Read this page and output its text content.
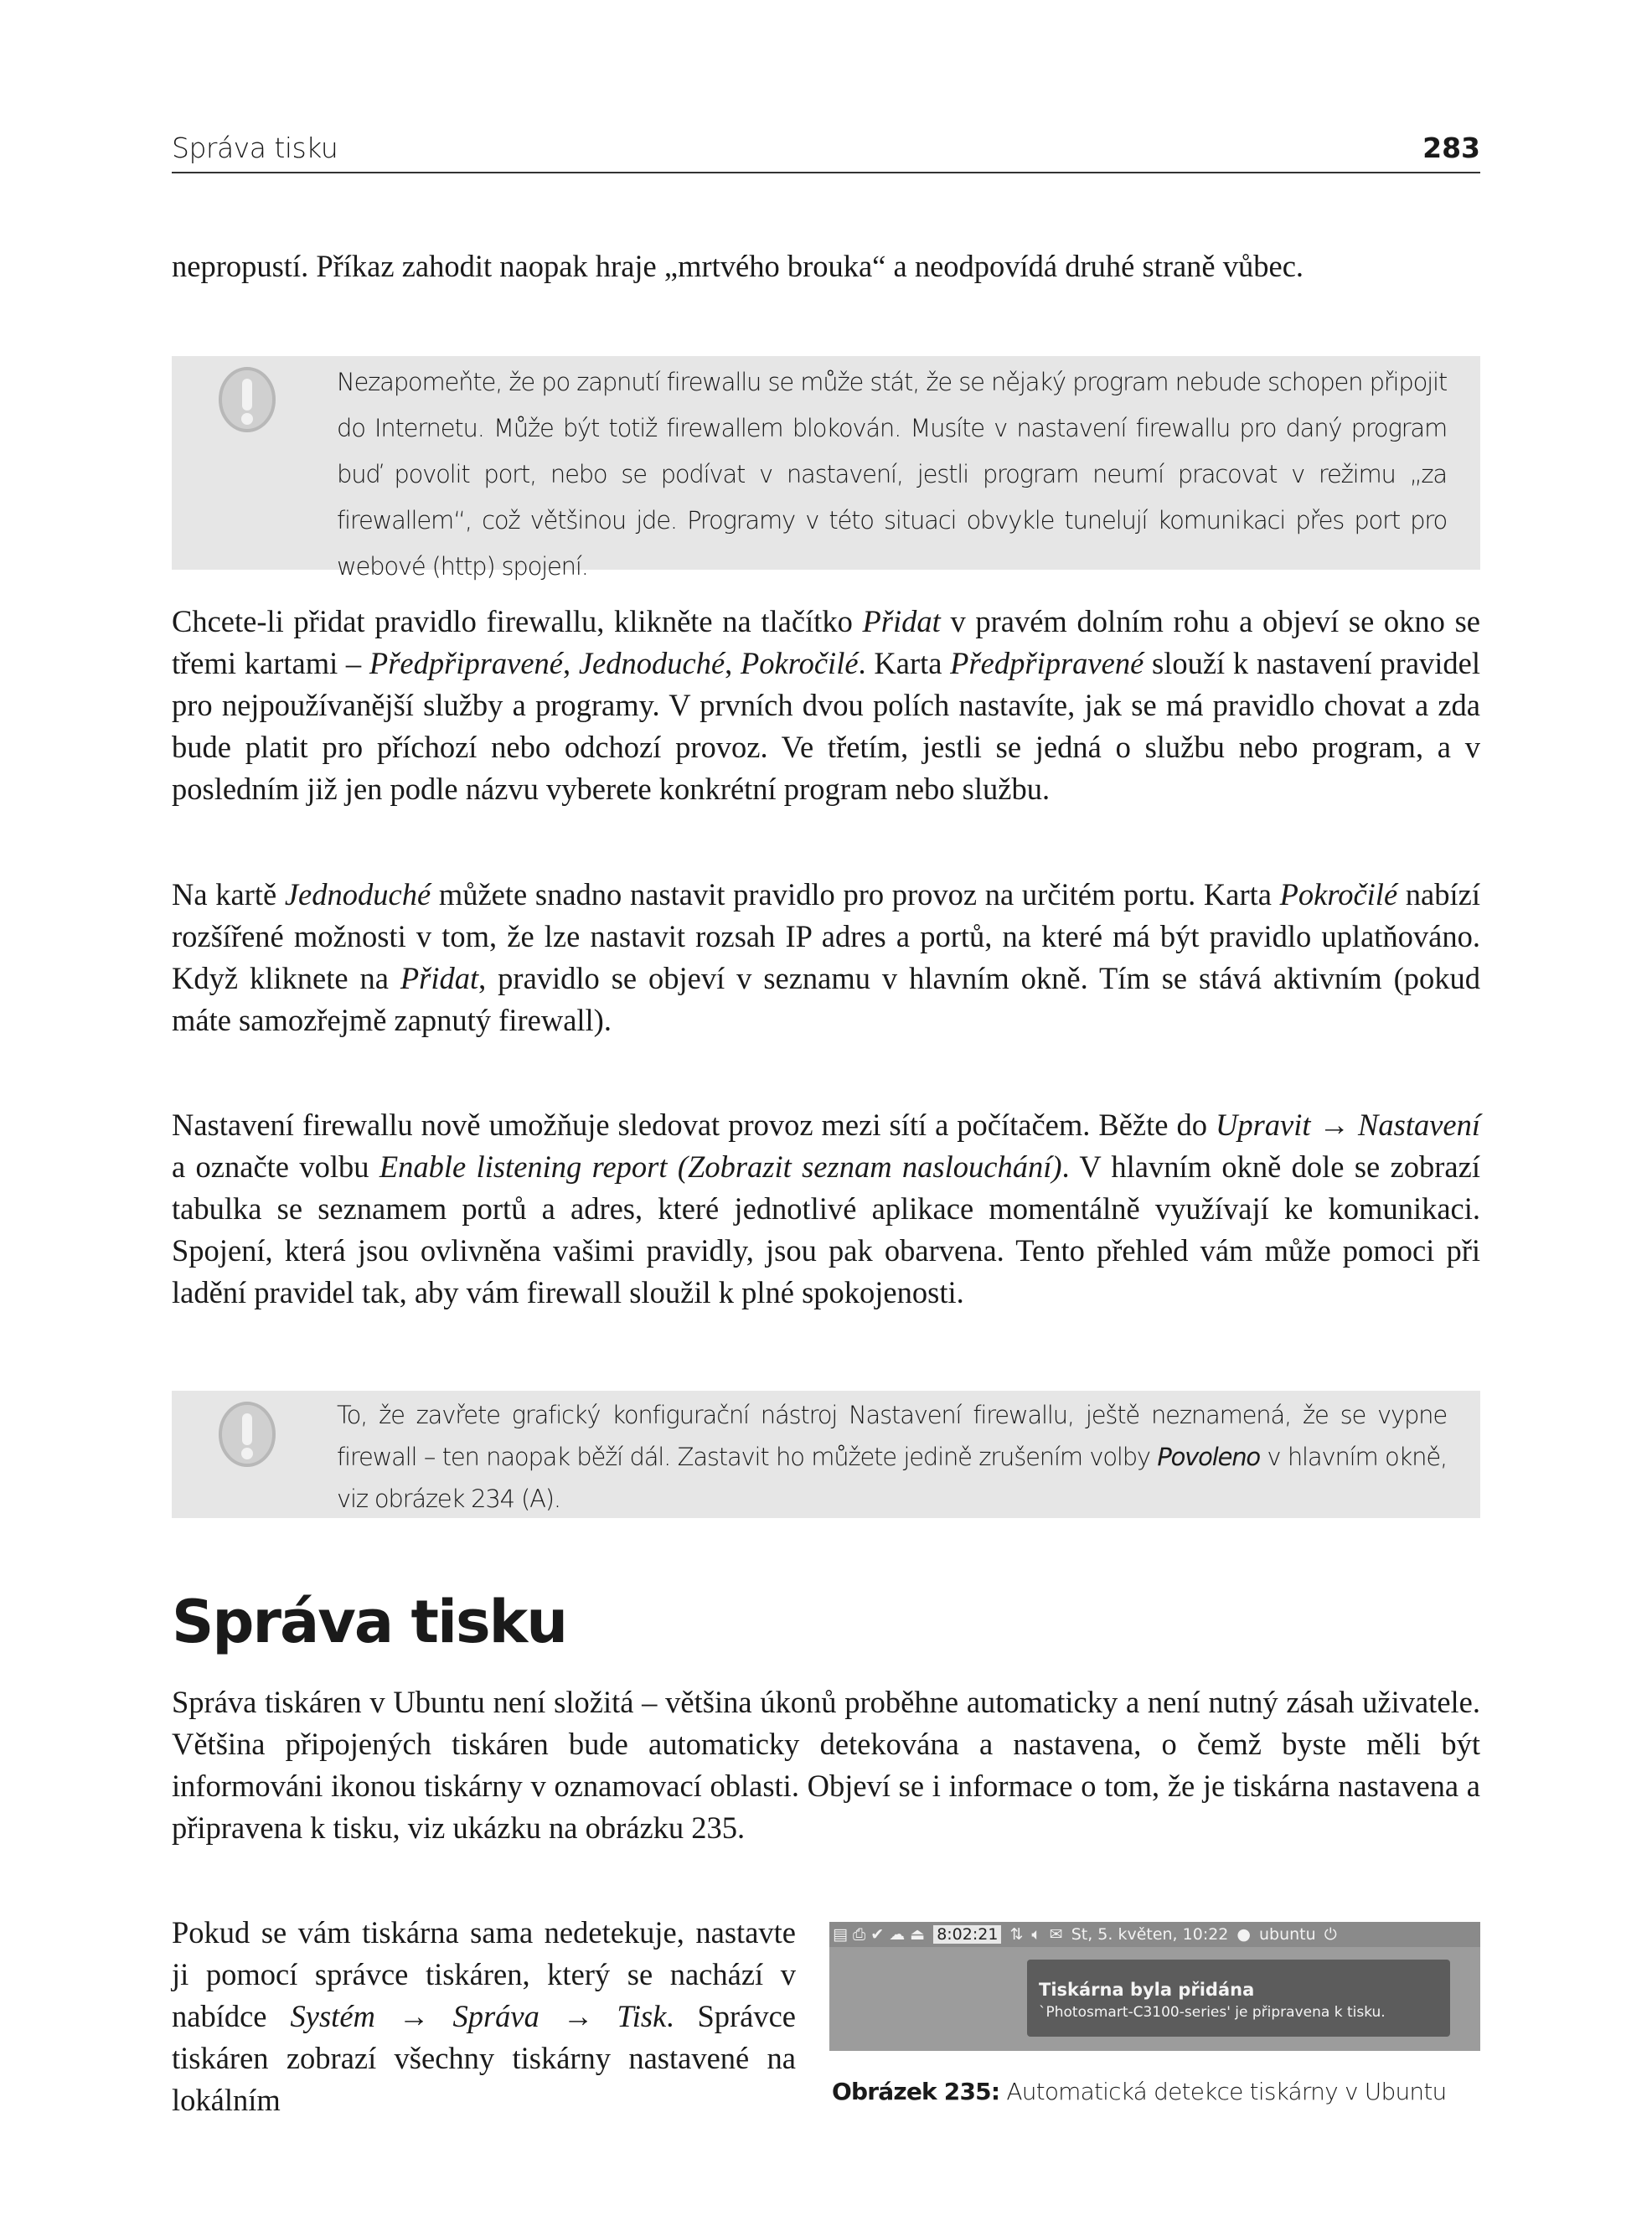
Správa tisku	283
nepropustí. Příkaz zahodit naopak hraje „mrtvého brouka“ a neodpovídá druhé straně vůbec.
Nezapomeňte, že po zapnutí firewallu se může stát, že se nějaký program nebude schopen připojit do Internetu. Může být totiž firewallem blokován. Musíte v nastavení firewallu pro daný program buď povolit port, nebo se podívat v nastavení, jestli program neumí pracovat v režimu „za firewallem“, což většinou jde. Programy v této situaci obvykle tunelují komunikaci přes port pro webové (http) spojení.
Chcete-li přidat pravidlo firewallu, klikněte na tlačítko Přidat v pravém dolním rohu a objeví se okno se třemi kartami – Předpřipravené, Jednoduché, Pokročilé. Karta Předpřipravené slouží k nastavení pravidel pro nejpoužívanější služby a programy. V prvních dvou polích nastavíte, jak se má pravidlo chovat a zda bude platit pro příchozí nebo odchozí provoz. Ve třetím, jestli se jedná o službu nebo program, a v posledním již jen podle názvu vyberete konkrétní program nebo službu.
Na kartě Jednoduché můžete snadno nastavit pravidlo pro provoz na určitém portu. Karta Pokročilé nabízí rozšířené možnosti v tom, že lze nastavit rozsah IP adres a portů, na které má být pravidlo uplatňováno. Když kliknete na Přidat, pravidlo se objeví v seznamu v hlavním okně. Tím se stává aktivním (pokud máte samozřejmě zapnutý firewall).
Nastavení firewallu nově umožňuje sledovat provoz mezi sítí a počítačem. Běžte do Upravit → Nastavení a označte volbu Enable listening report (Zobrazit seznam naslouchání). V hlavním okně dole se zobrazí tabulka se seznamem portů a adres, které jednotlivé aplikace momentálně využívají ke komunikaci. Spojení, která jsou ovlivněna vašimi pravidly, jsou pak obarvena. Tento přehled vám může pomoci při ladění pravidel tak, aby vám firewall sloužil k plné spokojenosti.
To, že zavřete grafický konfigurační nástroj Nastavení firewallu, ještě neznamená, že se vypne firewall – ten naopak běží dál. Zastavit ho můžete jedině zrušením volby Povoleno v hlavním okně, viz obrázek 234 (A).
Správa tisku
Správa tiskáren v Ubuntu není složitá – většina úkonů proběhne automaticky a není nutný zásah uživatele. Většina připojených tiskáren bude automaticky detekována a nastavena, o čemž byste měli být informováni ikonou tiskárny v oznamovací oblasti. Objeví se i informace o tom, že je tiskárna nastavena a připravena k tisku, viz ukázku na obrázku 235.
Pokud se vám tiskárna sama nedetekuje, nastavte ji pomocí správce tiskáren, který se nachází v nabídce Systém → Správa → Tisk. Správce tiskáren zobrazí všechny tiskárny nastavené na lokálním
▤ ⎙ ✔ ☁ ⏏ 8:02:21 ⇅ 🔈︎ ✉ St, 5. květen, 10:22 ● ubuntu ⏻
Tiskárna byla přidána
`Photosmart-C3100-series' je připravena k tisku.
Obrázek 235: Automatická detekce tiskárny v Ubuntu
